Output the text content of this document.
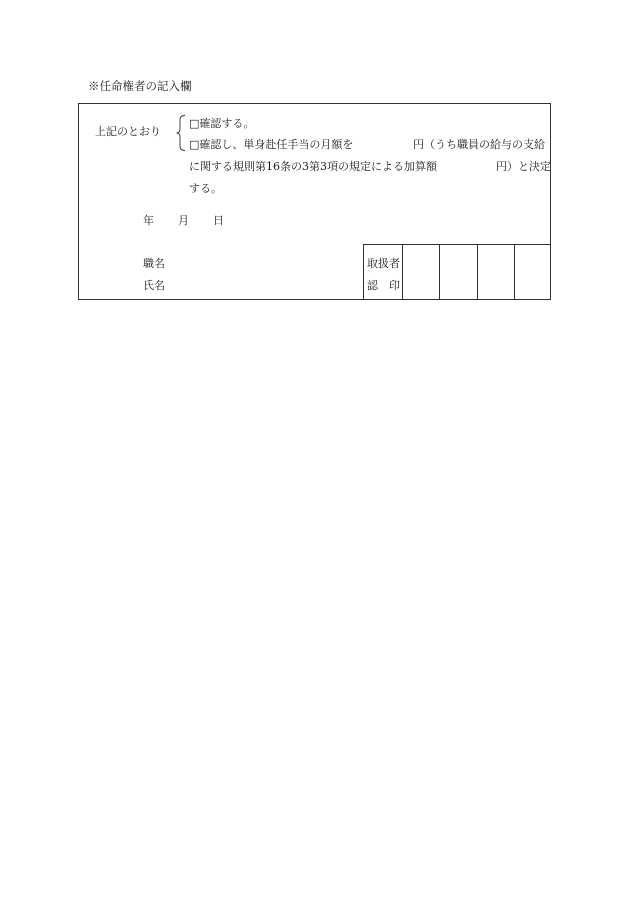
※任命権者の記入欄
上記のとおり
□確認する。
□確認し、単身赴任手当の月額を	円（うち職員の給与の支給
に関する規則第16条の3第3項の規定による加算額	円）と決定
する。
年 月 日
職名
氏名
取扱者
認 印
